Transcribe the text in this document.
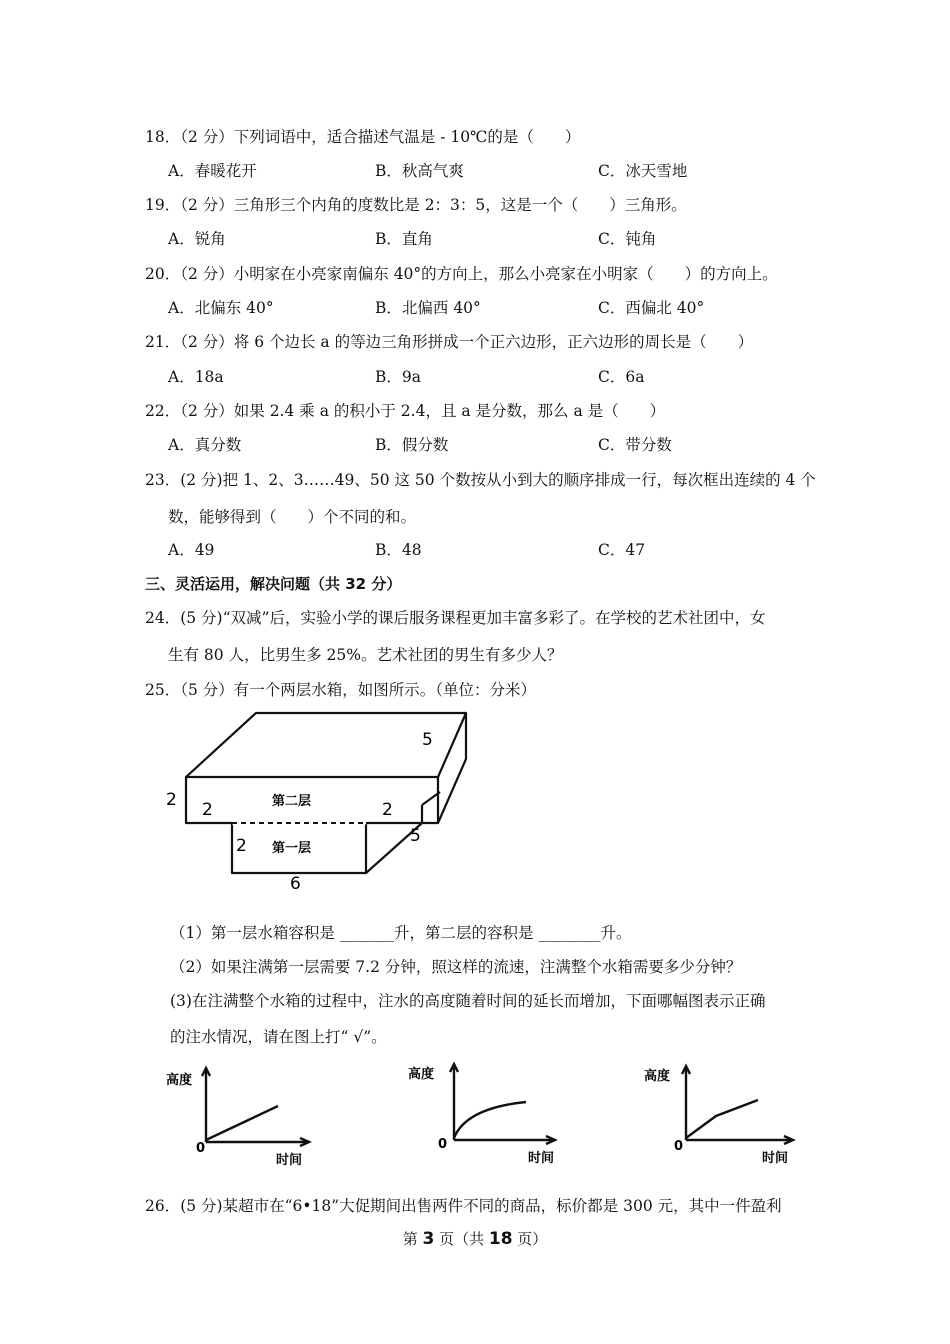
18．（2 分）下列词语中，适合描述气温是 - 10℃的是（　　）
A．春暖花开	B．秋高气爽	C．冰天雪地
19．（2 分）三角形三个内角的度数比是 2：3：5，这是一个（　　）三角形。
A．锐角	B．直角	C．钝角
20．（2 分）小明家在小亮家南偏东 40°的方向上，那么小亮家在小明家（　　）的方向上。
A．北偏东 40°	B．北偏西 40°	C．西偏北 40°
21．（2 分）将 6 个边长 a 的等边三角形拼成一个正六边形，正六边形的周长是（　　）
A．18a	B．9a	C．6a
22．（2 分）如果 2.4 乘 a 的积小于 2.4，且 a 是分数，那么 a 是（　　）
A．真分数	B．假分数	C．带分数
23．(2 分)把 1、2、3……49、50 这 50 个数按从小到大的顺序排成一行，每次框出连续的 4 个
数，能够得到（　　）个不同的和。
A．49	B．48	C．47
三、灵活运用，解决问题（共 32 分）
24．(5 分)“双减”后，实验小学的课后服务课程更加丰富多彩了。在学校的艺术社团中，女
生有 80 人，比男生多 25%。艺术社团的男生有多少人？
25．（5 分）有一个两层水箱，如图所示。（单位：分米）
第二层
第一层
5
2 2	2
5
2
6
（1）第一层水箱容积是 _______升，第二层的容积是 ________升。
（2）如果注满第一层需要 7.2 分钟，照这样的流速，注满整个水箱需要多少分钟？
(3)在注满整个水箱的过程中，注水的高度随着时间的延长而增加，下面哪幅图表示正确
的注水情况，请在图上打“ √”。
高度
时间
0
高度
时间
0
高度
时间
0
26．(5 分)某超市在“6•18”大促期间出售两件不同的商品，标价都是 300 元，其中一件盈利
第 3 页（共 18 页）
